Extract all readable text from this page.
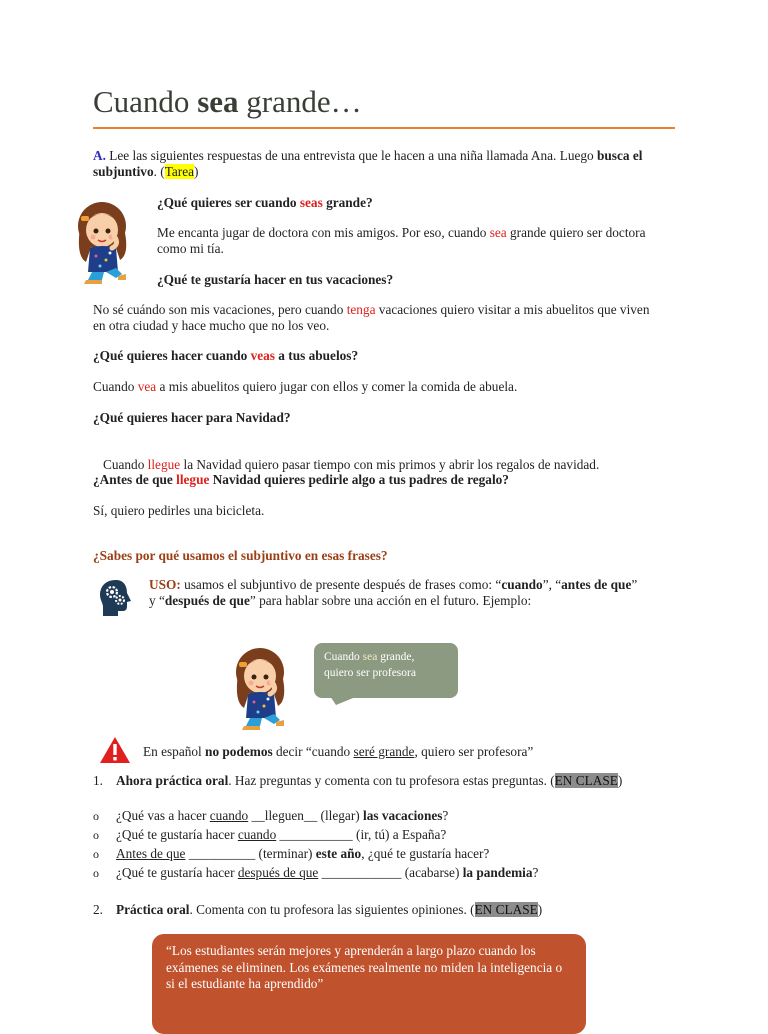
Cuando sea grande…
A. Lee las siguientes respuestas de una entrevista que le hacen a una niña llamada Ana. Luego busca el subjuntivo. (Tarea)
¿Qué quieres ser cuando seas grande?
Me encanta jugar de doctora con mis amigos. Por eso, cuando sea grande quiero ser doctora como mi tía.
¿Qué te gustaría hacer en tus vacaciones?
No sé cuándo son mis vacaciones, pero cuando tenga vacaciones quiero visitar a mis abuelitos que viven en otra ciudad y hace mucho que no los veo.
¿Qué quieres hacer cuando veas a tus abuelos?
Cuando vea a mis abuelitos quiero jugar con ellos y comer la comida de abuela.
¿Qué quieres hacer para Navidad?

Cuando llegue la Navidad quiero pasar tiempo con mis primos y abrir los regalos de navidad.

¿Antes de que llegue Navidad quieres pedirle algo a tus padres de regalo?
Sí, quiero pedirles una bicicleta.
¿Sabes por qué usamos el subjuntivo en esas frases?
USO: usamos el subjuntivo de presente después de frases como: “cuando”, “antes de que”
y “después de que” para hablar sobre una acción en el futuro. Ejemplo:
Cuando sea grande,
quiero ser profesora
En español no podemos decir “cuando seré grande, quiero ser profesora”
1. Ahora práctica oral. Haz preguntas y comenta con tu profesora estas preguntas. (EN CLASE)
o ¿Qué vas a hacer cuando __lleguen__ (llegar) las vacaciones?
o ¿Qué te gustaría hacer cuando ___________ (ir, tú) a España?
o Antes de que __________ (terminar) este año, ¿qué te gustaría hacer?
o ¿Qué te gustaría hacer después de que ____________ (acabarse) la pandemia?
2. Práctica oral. Comenta con tu profesora las siguientes opiniones. (EN CLASE)
“Los estudiantes serán mejores y aprenderán a largo plazo cuando los exámenes se eliminen. Los exámenes realmente no miden la inteligencia o si el estudiante ha aprendido”
